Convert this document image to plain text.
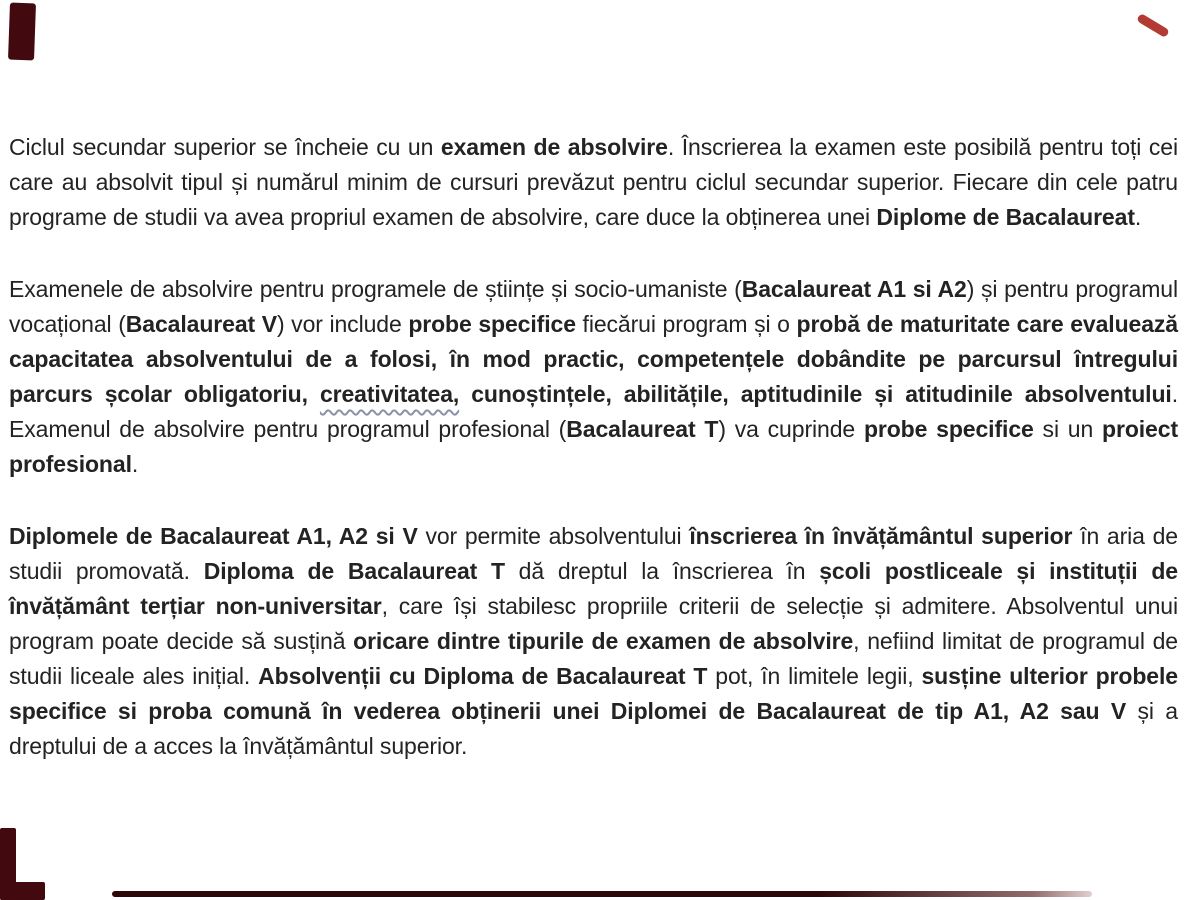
Ciclul secundar superior se încheie cu un examen de absolvire. Înscrierea la examen este posibilă pentru toți cei care au absolvit tipul și numărul minim de cursuri prevăzut pentru ciclul secundar superior. Fiecare din cele patru programe de studii va avea propriul examen de absolvire, care duce la obținerea unei Diplome de Bacalaureat.

Examenele de absolvire pentru programele de științe și socio-umaniste (Bacalaureat A1 si A2) și pentru programul vocațional (Bacalaureat V) vor include probe specifice fiecărui program și o probă de maturitate care evaluează capacitatea absolventului de a folosi, în mod practic, competențele dobândite pe parcursul întregului parcurs școlar obligatoriu, creativitatea, cunoștințele, abilitățile, aptitudinile și atitudinile absolventului. Examenul de absolvire pentru programul profesional (Bacalaureat T) va cuprinde probe specifice si un proiect profesional.

Diplomele de Bacalaureat A1, A2 si V vor permite absolventului înscrierea în învățământul superior în aria de studii promovată. Diploma de Bacalaureat T dă dreptul la înscrierea în școli postliceale și instituții de învățământ terțiar non-universitar, care își stabilesc propriile criterii de selecție și admitere. Absolventul unui program poate decide să susțină oricare dintre tipurile de examen de absolvire, nefiind limitat de programul de studii liceale ales inițial. Absolvenții cu Diploma de Bacalaureat T pot, în limitele legii, susține ulterior probele specifice si proba comună în vederea obținerii unei Diplomei de Bacalaureat de tip A1, A2 sau V și a dreptului de a acces la învățământul superior.
